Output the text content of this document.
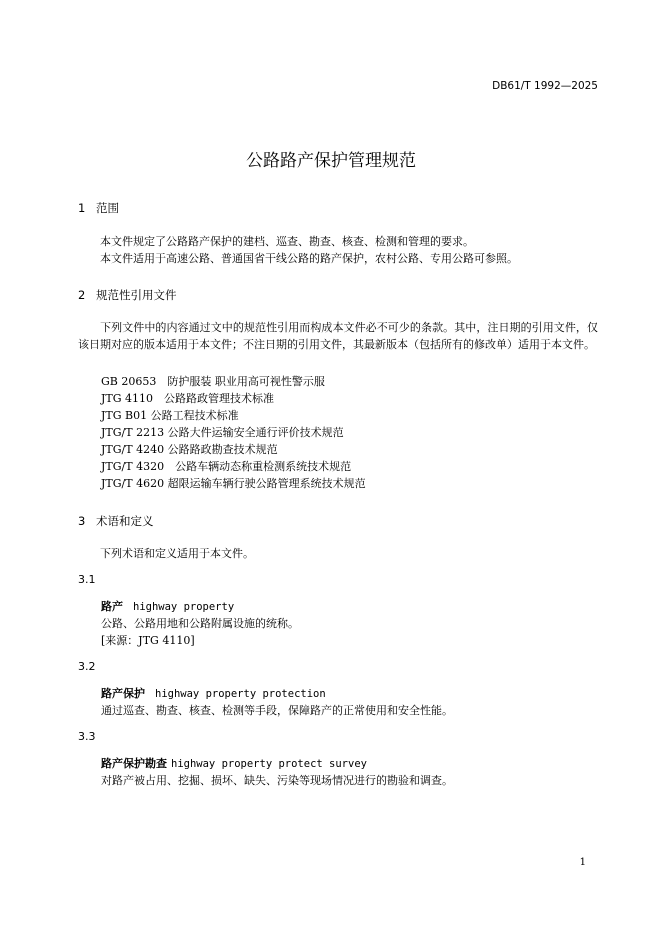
DB61/T 1992—2025
公路路产保护管理规范
1 范围
本文件规定了公路路产保护的建档、巡查、勘查、核查、检测和管理的要求。
本文件适用于高速公路、普通国省干线公路的路产保护，农村公路、专用公路可参照。
2 规范性引用文件
下列文件中的内容通过文中的规范性引用而构成本文件必不可少的条款。其中，注日期的引用文件，仅该日期对应的版本适用于本文件；不注日期的引用文件，其最新版本（包括所有的修改单）适用于本文件。
GB 20653　防护服装 职业用高可视性警示服
JTG 4110　公路路政管理技术标准
JTG B01 公路工程技术标准
JTG/T 2213 公路大件运输安全通行评价技术规范
JTG/T 4240 公路路政勘查技术规范
JTG/T 4320　公路车辆动态称重检测系统技术规范
JTG/T 4620 超限运输车辆行驶公路管理系统技术规范
3 术语和定义
下列术语和定义适用于本文件。
3.1
路产 highway property
公路、公路用地和公路附属设施的统称。
[来源：JTG 4110]
3.2
路产保护 highway property protection
通过巡查、勘查、核查、检测等手段，保障路产的正常使用和安全性能。
3.3
路产保护勘查 highway property protect survey
对路产被占用、挖掘、损坏、缺失、污染等现场情况进行的勘验和调查。
1
